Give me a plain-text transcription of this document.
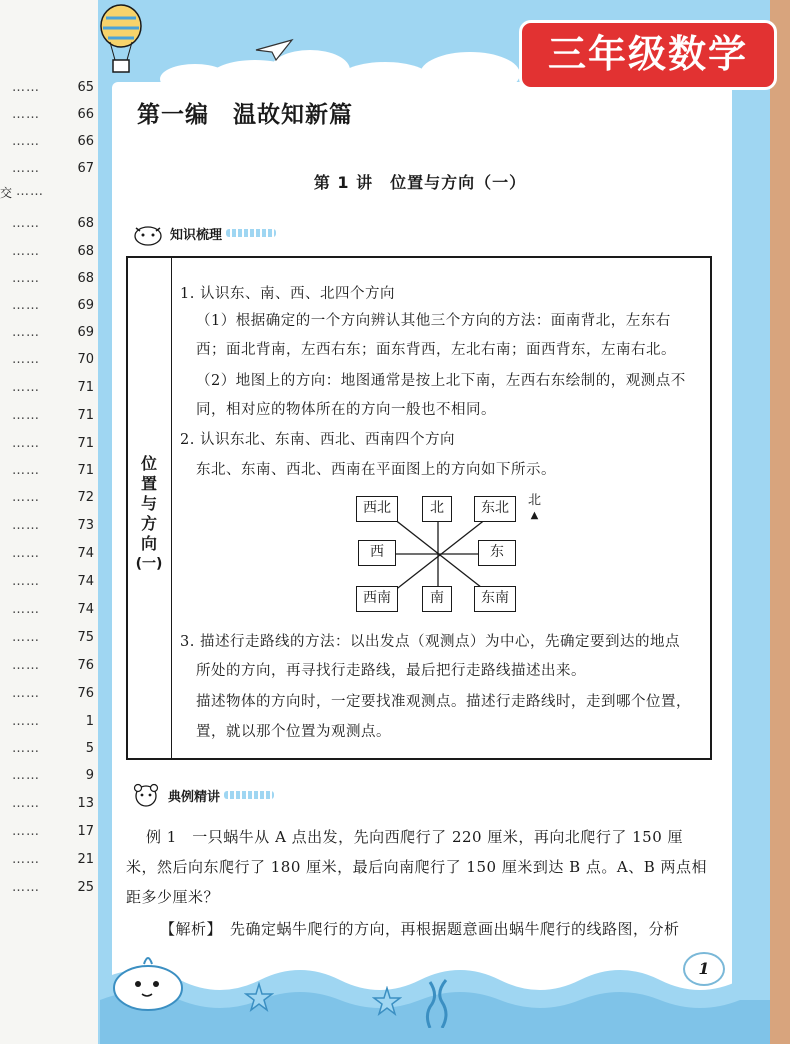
……	65
……	66
……	66
……	67
交 ……
……	68
……	68
……	68
……	69
……	69
……	70
……	71
……	71
……	71
……	71
……	72
……	73
……	74
……	74
……	74
……	75
……	76
……	76
……	1
……	5
……	9
……	13
……	17
……	21
……	25
三年级数学
第一编　温故知新篇
第 1 讲　位置与方向（一）
知识梳理
位
置
与
方
向
(一)
1. 认识东、南、西、北四个方向
（1）根据确定的一个方向辨认其他三个方向的方法：面南背北，左东右
西；面北背南，左西右东；面东背西，左北右南；面西背东，左南右北。
（2）地图上的方向：地图通常是按上北下南，左西右东绘制的，观测点不
同，相对应的物体所在的方向一般也不相同。
2. 认识东北、东南、西北、西南四个方向
东北、东南、西北、西南在平面图上的方向如下所示。
西北	北	东北
西	东
西南	南	东南
北
▲
3. 描述行走路线的方法：以出发点（观测点）为中心，先确定要到达的地点
所处的方向，再寻找行走路线，最后把行走路线描述出来。
描述物体的方向时，一定要找准观测点。描述行走路线时，走到哪个位置，
置，就以那个位置为观测点。
典例精讲
例 1　一只蜗牛从 A 点出发，先向西爬行了 220 厘米，再向北爬行了 150 厘
米，然后向东爬行了 180 厘米，最后向南爬行了 150 厘米到达 B 点。A、B 两点相
距多少厘米？
【解析】　先确定蜗牛爬行的方向，再根据题意画出蜗牛爬行的线路图，分析
1
